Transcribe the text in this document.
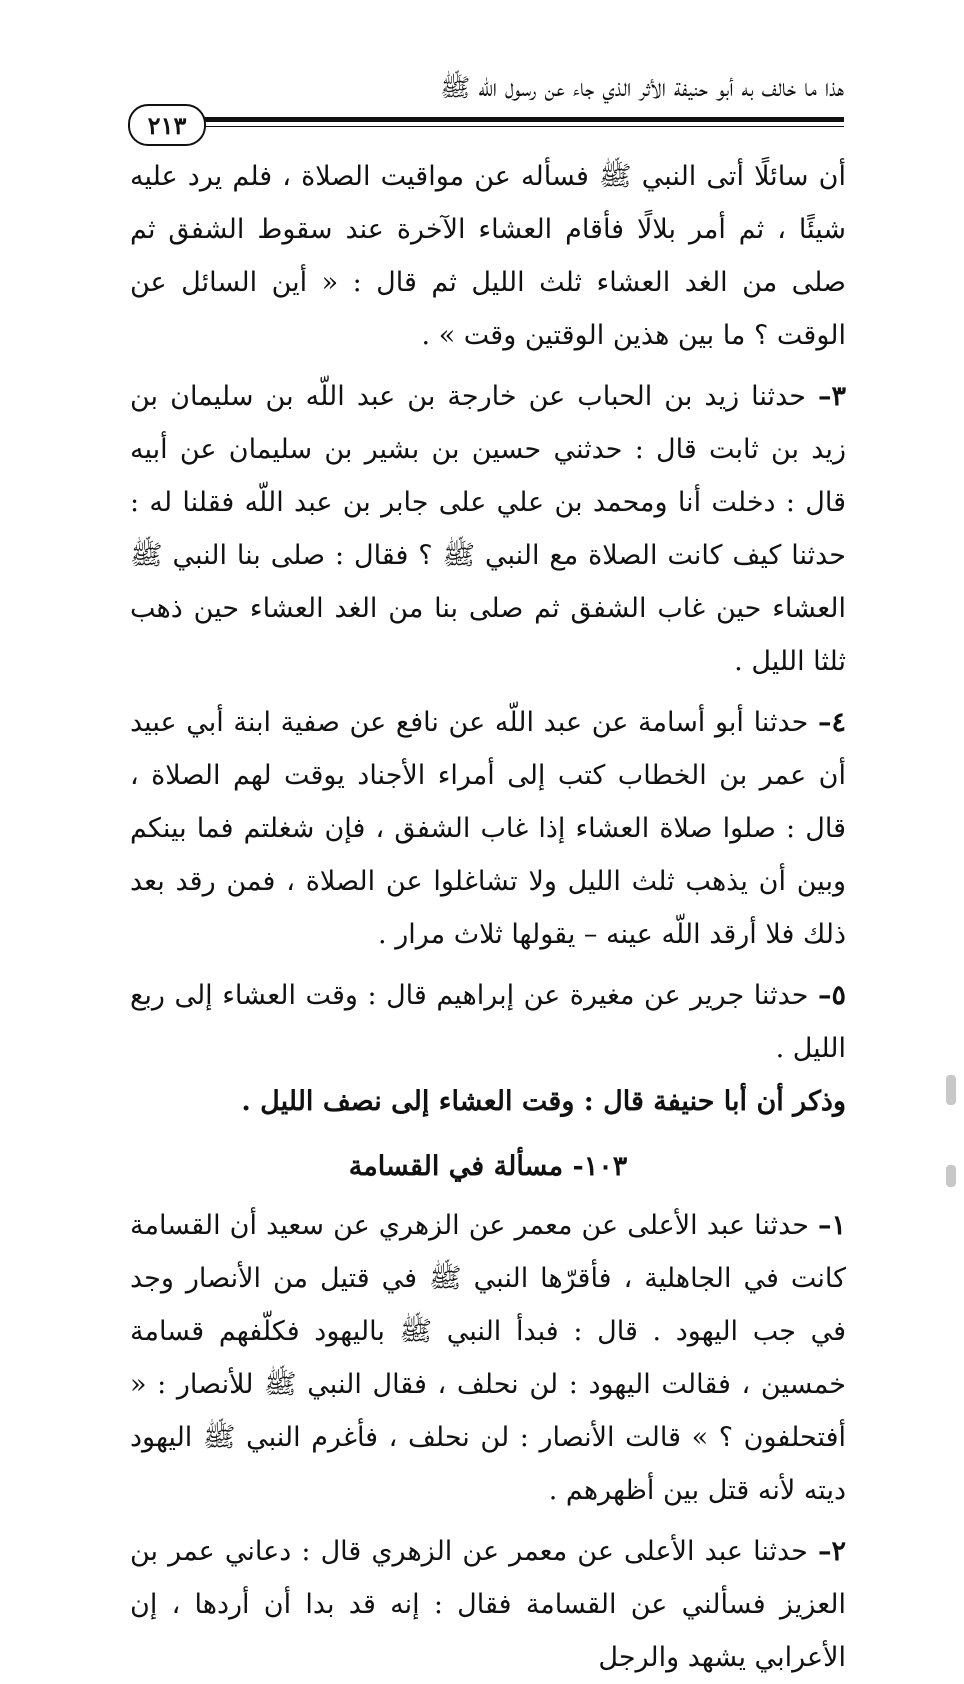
هذا ما خالف به أبو حنيفة الأثر الذي جاء عن رسول اللّه ﷺ
٢١٣

أن سائلًا أتى النبي ﷺ فسأله عن مواقيت الصلاة ، فلم يرد عليه شيئًا ، ثم أمر بلالًا فأقام العشاء الآخرة عند سقوط الشفق ثم صلى من الغد العشاء ثلث الليل ثم قال : « أين السائل عن الوقت ؟ ما بين هذين الوقتين وقت » .

٣– حدثنا زيد بن الحباب عن خارجة بن عبد اللّه بن سليمان بن زيد بن ثابت قال : حدثني حسين بن بشير بن سليمان عن أبيه قال : دخلت أنا ومحمد بن علي على جابر بن عبد اللّه فقلنا له : حدثنا كيف كانت الصلاة مع النبي ﷺ ؟ فقال : صلى بنا النبي ﷺ العشاء حين غاب الشفق ثم صلى بنا من الغد العشاء حين ذهب ثلثا الليل .

٤– حدثنا أبو أسامة عن عبد اللّه عن نافع عن صفية ابنة أبي عبيد أن عمر بن الخطاب كتب إلى أمراء الأجناد يوقت لهم الصلاة ، قال : صلوا صلاة العشاء إذا غاب الشفق ، فإن شغلتم فما بينكم وبين أن يذهب ثلث الليل ولا تشاغلوا عن الصلاة ، فمن رقد بعد ذلك فلا أرقد اللّه عينه – يقولها ثلاث مرار .

٥– حدثنا جرير عن مغيرة عن إبراهيم قال : وقت العشاء إلى ربع الليل .

وذكر أن أبا حنيفة قال : وقت العشاء إلى نصف الليل .

١٠٣- مسألة في القسامة

١– حدثنا عبد الأعلى عن معمر عن الزهري عن سعيد أن القسامة كانت في الجاهلية ، فأقرّها النبي ﷺ في قتيل من الأنصار وجد في جب اليهود . قال : فبدأ النبي ﷺ باليهود فكلّفهم قسامة خمسين ، فقالت اليهود : لن نحلف ، فقال النبي ﷺ للأنصار : « أفتحلفون ؟ » قالت الأنصار : لن نحلف ، فأغرم النبي ﷺ اليهود ديته لأنه قتل بين أظهرهم .

٢– حدثنا عبد الأعلى عن معمر عن الزهري قال : دعاني عمر بن العزيز فسألني عن القسامة فقال : إنه قد بدا أن أردها ، إن الأعرابي يشهد والرجل
